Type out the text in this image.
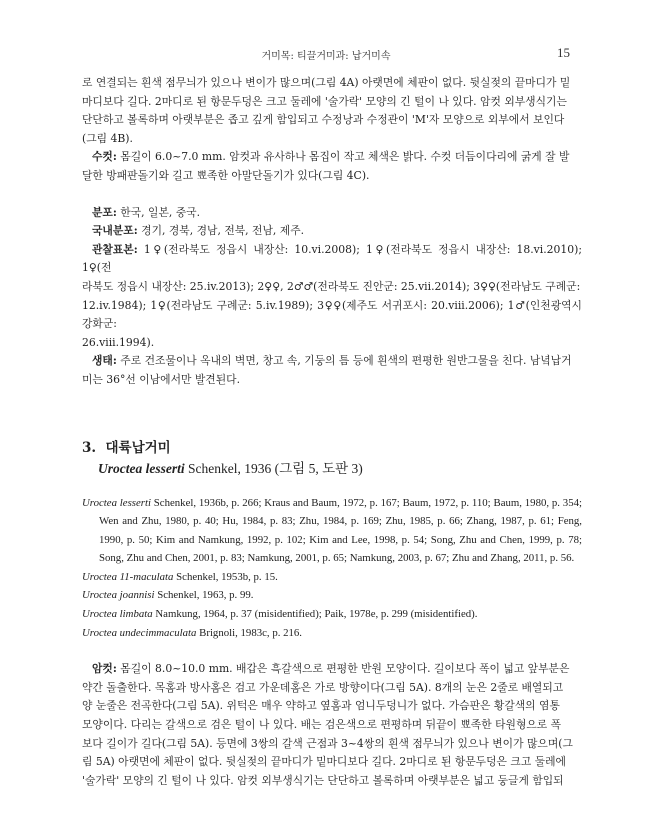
거미목: 티끌거미과: 납거미속	15

로 연결되는 흰색 점무늬가 있으나 변이가 많으며(그림 4A) 아랫면에 체판이 없다. 뒷실젖의 끝마디가 밑

마디보다 길다. 2마디로 된 항문두덩은 크고 둘레에 '술가락' 모양의 긴 털이 나 있다. 암컷 외부생식기는

단단하고 볼록하며 아랫부분은 좁고 깊게 함입되고 수정낭과 수정관이 'M'자 모양으로 외부에서 보인다

(그림 4B).

수컷: 몸길이 6.0~7.0 mm. 암컷과 유사하나 몸집이 작고 체색은 밝다. 수컷 더듬이다리에 굵게 잘 발

달한 방패판돌기와 길고 뾰족한 아말단돌기가 있다(그림 4C).

분포: 한국, 일본, 중국.

국내분포: 경기, 경북, 경남, 전북, 전남, 제주.

관찰표본: 1♀(전라북도 정읍시 내장산: 10.vi.2008); 1♀(전라북도 정읍시 내장산: 18.vi.2010); 1♀(전

라북도 정읍시 내장산: 25.iv.2013); 2♀♀, 2♂♂(전라북도 진안군: 25.vii.2014); 3♀♀(전라남도 구례군:

12.iv.1984); 1♀(전라남도 구례군: 5.iv.1989); 3♀♀(제주도 서귀포시: 20.viii.2006); 1♂(인천광역시 강화군:

26.viii.1994).

생태: 주로 건조물이나 옥내의 벽면, 창고 속, 기둥의 틈 등에 흰색의 편평한 원반그물을 친다. 남녘납거

미는 36°선 이남에서만 발견된다.

3. 대륙납거미
Uroctea lesserti Schenkel, 1936 (그림 5, 도판 3)

Uroctea lesserti Schenkel, 1936b, p. 266; Kraus and Baum, 1972, p. 167; Baum, 1972, p. 110; Baum, 1980, p. 354; Wen and Zhu, 1980, p. 40; Hu, 1984, p. 83; Zhu, 1984, p. 169; Zhu, 1985, p. 66; Zhang, 1987, p. 61; Feng, 1990, p. 50; Kim and Namkung, 1992, p. 102; Kim and Lee, 1998, p. 54; Song, Zhu and Chen, 1999, p. 78; Song, Zhu and Chen, 2001, p. 83; Namkung, 2001, p. 65; Namkung, 2003, p. 67; Zhu and Zhang, 2011, p. 56.

Uroctea 11-maculata Schenkel, 1953b, p. 15.

Uroctea joannisi Schenkel, 1963, p. 99.

Uroctea limbata Namkung, 1964, p. 37 (misidentified); Paik, 1978e, p. 299 (misidentified).

Uroctea undecimmaculata Brignoli, 1983c, p. 216.

암컷: 몸길이 8.0~10.0 mm. 배갑은 흑갈색으로 편평한 반원 모양이다. 길이보다 폭이 넓고 앞부분은

약간 돌출한다. 목홈과 방사홈은 검고 가운데홈은 가로 방향이다(그림 5A). 8개의 눈은 2줄로 배열되고

양 눈줄은 전곡한다(그림 5A). 위턱은 매우 약하고 옆홈과 엄니두덩니가 없다. 가슴판은 황갈색의 염통

모양이다. 다리는 갈색으로 검은 털이 나 있다. 배는 검은색으로 편평하며 뒤끝이 뾰족한 타원형으로 폭

보다 길이가 길다(그림 5A). 등면에 3쌍의 갈색 근점과 3~4쌍의 흰색 점무늬가 있으나 변이가 많으며(그

림 5A) 아랫면에 체판이 없다. 뒷실젖의 끝마디가 밑마디보다 길다. 2마디로 된 항문두덩은 크고 둘레에

'술가락' 모양의 긴 털이 나 있다. 암컷 외부생식기는 단단하고 볼록하며 아랫부분은 넓고 둥글게 함입되
